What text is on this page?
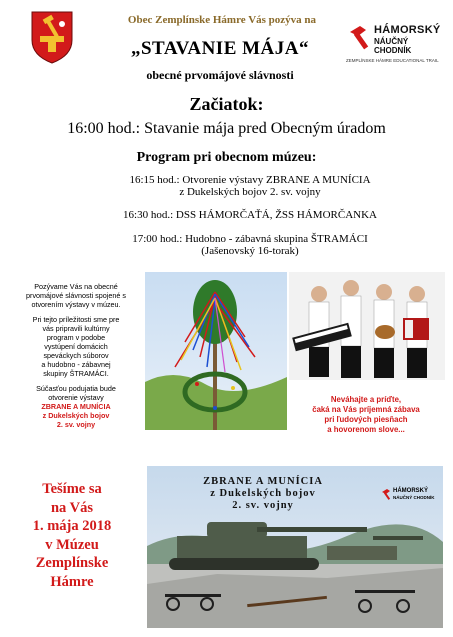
Obec Zemplínske Hámre Vás pozýva na
„STAVANIE MÁJA“
obecné prvomájové slávnosti
HÁMORSKÝ
NÁUČNÝ CHODNÍK
ZEMPLÍNSKE HÁMRE EDUCATIONAL TRAIL
Začiatok:
16:00 hod.: Stavanie mája pred Obecným úradom
Program pri obecnom múzeu:
16:15 hod.: Otvorenie výstavy ZBRANE A MUNÍCIA
z Dukelských bojov 2. sv. vojny
16:30 hod.: DSS HÁMORČAŤÁ, ŽSS HÁMORČANKA
17:00 hod.: Hudobno - zábavná skupina ŠTRAMÁCI
(Jašenovský 16-torak)

Pozývame Vás na obecné
prvomájové slávnosti spojené s
otvorením výstavy v múzeu.

Pri tejto príležitosti sme pre
vás pripravili kultúrny
program v podobe
vystúpení domácich
speváckych súborov
a hudobno - zábavnej
skupiny ŠTRAMÁCI.

Súčasťou podujatia bude
otvorenie výstavy
ZBRANE A MUNÍCIA
z Dukelských bojov
2. sv. vojny

Neváhajte a príďte,
čaká na Vás príjemná zábava
pri ľudových piesňach
a hovorenom slove...
Tešíme sa
na Vás
1. mája 2018
v Múzeu
Zemplínske
Hámre
ZBRANE A MUNÍCIA
z Dukelských bojov
2. sv. vojny
HÁMORSKÝ
NÁUČNÝ CHODNÍK
